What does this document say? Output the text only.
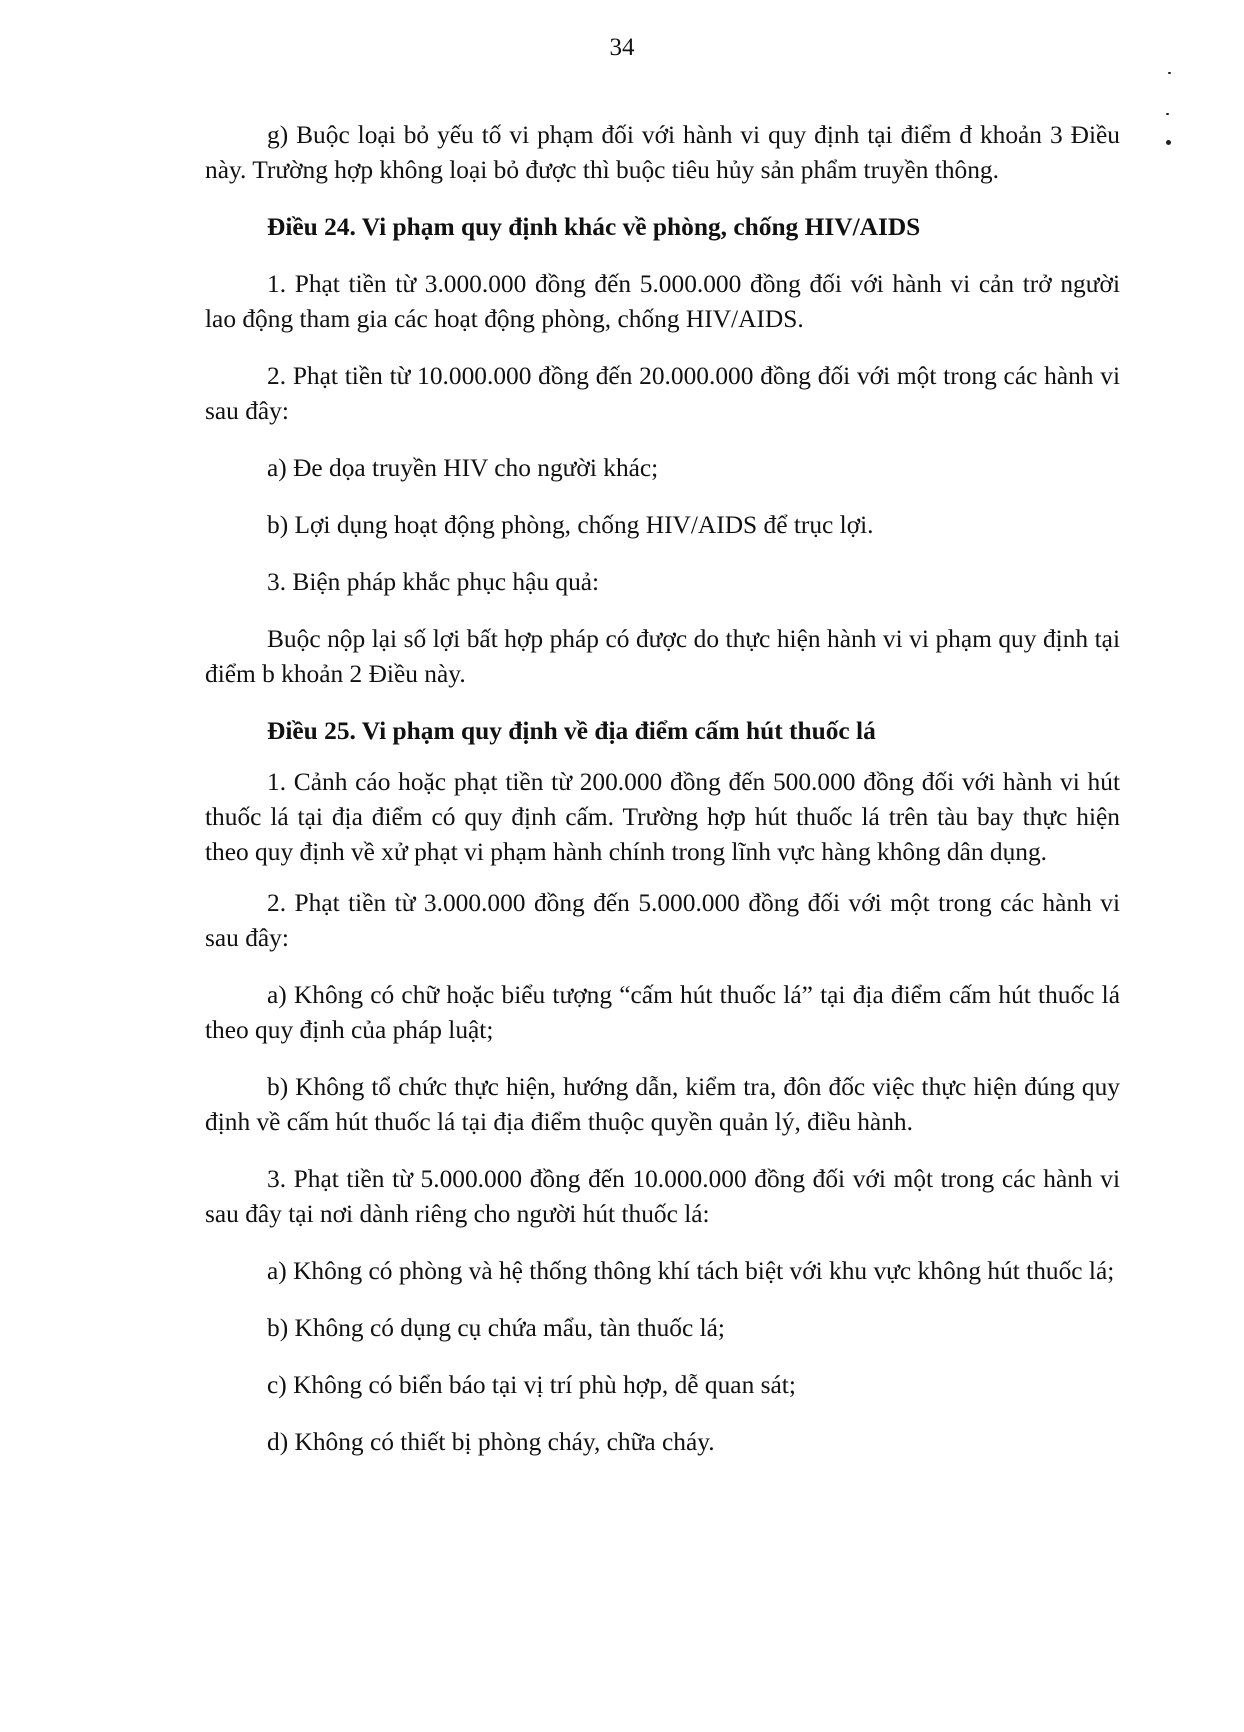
34

g) Buộc loại bỏ yếu tố vi phạm đối với hành vi quy định tại điểm đ khoản 3 Điều này. Trường hợp không loại bỏ được thì buộc tiêu hủy sản phẩm truyền thông.

Điều 24. Vi phạm quy định khác về phòng, chống HIV/AIDS

1. Phạt tiền từ 3.000.000 đồng đến 5.000.000 đồng đối với hành vi cản trở người lao động tham gia các hoạt động phòng, chống HIV/AIDS.

2. Phạt tiền từ 10.000.000 đồng đến 20.000.000 đồng đối với một trong các hành vi sau đây:

a) Đe dọa truyền HIV cho người khác;

b) Lợi dụng hoạt động phòng, chống HIV/AIDS để trục lợi.

3. Biện pháp khắc phục hậu quả:

Buộc nộp lại số lợi bất hợp pháp có được do thực hiện hành vi vi phạm quy định tại điểm b khoản 2 Điều này.

Điều 25. Vi phạm quy định về địa điểm cấm hút thuốc lá

1. Cảnh cáo hoặc phạt tiền từ 200.000 đồng đến 500.000 đồng đối với hành vi hút thuốc lá tại địa điểm có quy định cấm. Trường hợp hút thuốc lá trên tàu bay thực hiện theo quy định về xử phạt vi phạm hành chính trong lĩnh vực hàng không dân dụng.

2. Phạt tiền từ 3.000.000 đồng đến 5.000.000 đồng đối với một trong các hành vi sau đây:

a) Không có chữ hoặc biểu tượng “cấm hút thuốc lá” tại địa điểm cấm hút thuốc lá theo quy định của pháp luật;

b) Không tổ chức thực hiện, hướng dẫn, kiểm tra, đôn đốc việc thực hiện đúng quy định về cấm hút thuốc lá tại địa điểm thuộc quyền quản lý, điều hành.

3. Phạt tiền từ 5.000.000 đồng đến 10.000.000 đồng đối với một trong các hành vi sau đây tại nơi dành riêng cho người hút thuốc lá:

a) Không có phòng và hệ thống thông khí tách biệt với khu vực không hút thuốc lá;

b) Không có dụng cụ chứa mẩu, tàn thuốc lá;

c) Không có biển báo tại vị trí phù hợp, dễ quan sát;

d) Không có thiết bị phòng cháy, chữa cháy.
